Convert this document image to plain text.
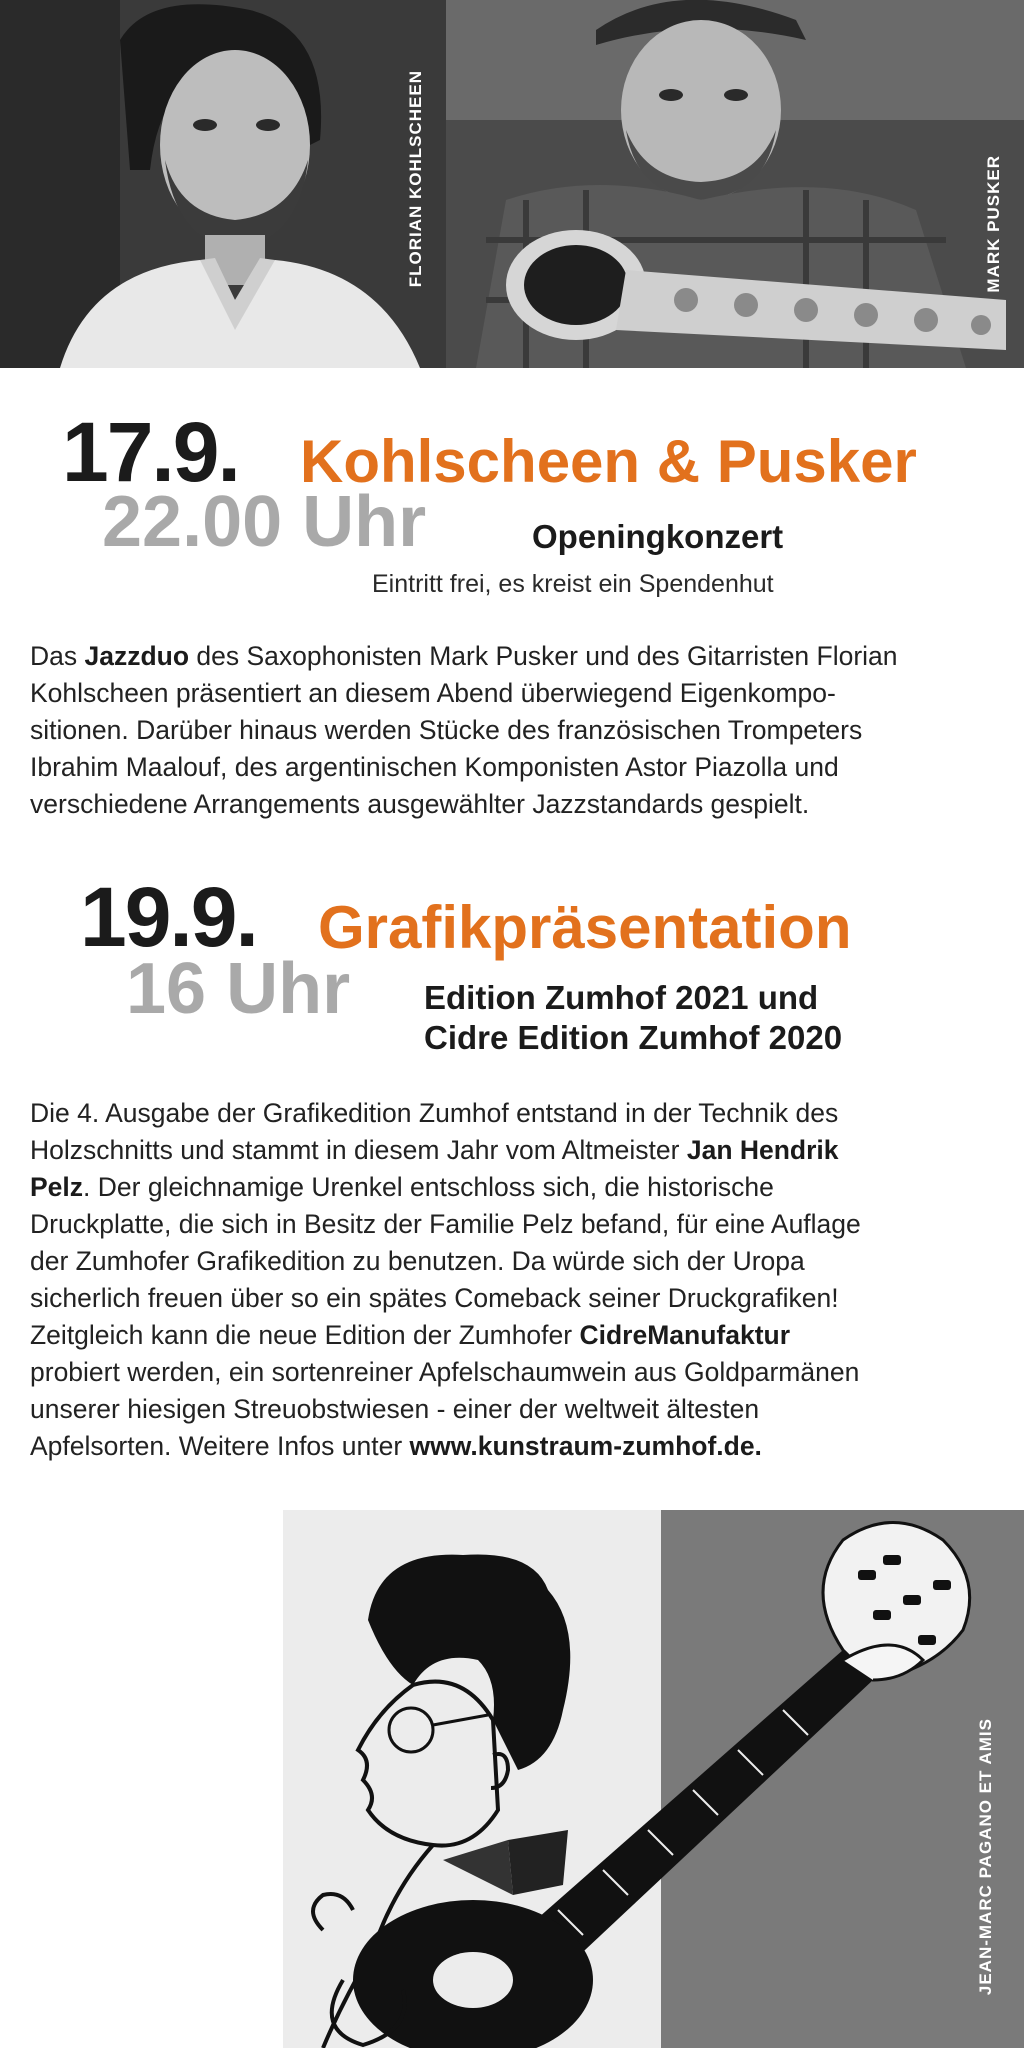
FLORIAN KOHLSCHEEN	MARK PUSKER
17.9. Kohlscheen & Pusker
22.00 Uhr	Openingkonzert
Eintritt frei, es kreist ein Spendenhut
Das Jazzduo des Saxophonisten Mark Pusker und des Gitarristen Florian
Kohlscheen präsentiert an diesem Abend überwiegend Eigenkompo-
sitionen. Darüber hinaus werden Stücke des französischen Trompeters
Ibrahim Maalouf, des argentinischen Komponisten Astor Piazolla und
verschiedene Arrangements ausgewählter Jazzstandards gespielt.
19.9. Grafikpräsentation
16 Uhr Edition Zumhof 2021 und
Cidre Edition Zumhof 2020
Die 4. Ausgabe der Grafikedition Zumhof entstand in der Technik des
Holzschnitts und stammt in diesem Jahr vom Altmeister Jan Hendrik
Pelz. Der gleichnamige Urenkel entschloss sich, die historische
Druckplatte, die sich in Besitz der Familie Pelz befand, für eine Auflage
der Zumhofer Grafikedition zu benutzen. Da würde sich der Uropa
sicherlich freuen über so ein spätes Comeback seiner Druckgrafiken!
Zeitgleich kann die neue Edition der Zumhofer CidreManufaktur
probiert werden, ein sortenreiner Apfelschaumwein aus Goldparmänen
unserer hiesigen Streuobstwiesen - einer der weltweit ältesten
Apfelsorten. Weitere Infos unter www.kunstraum-zumhof.de.
JEAN-MARC PAGANO ET AMIS
